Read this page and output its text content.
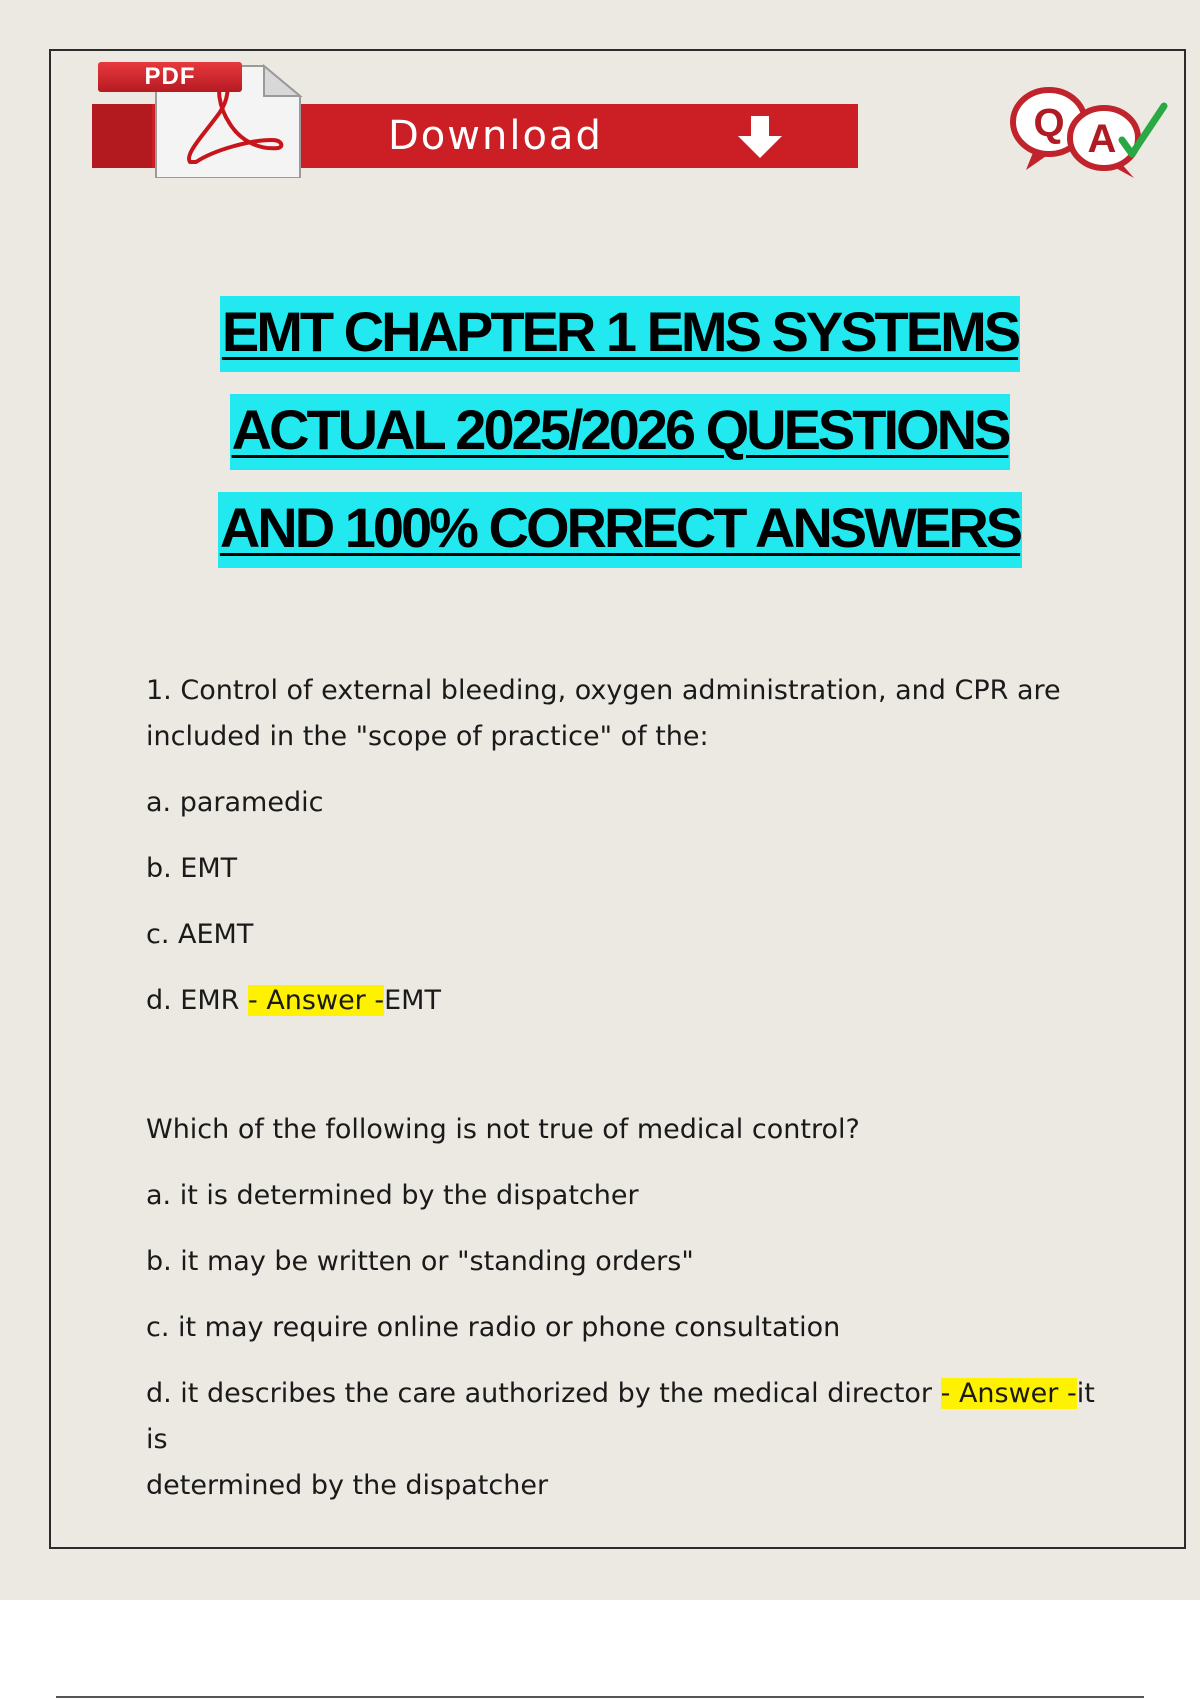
PDF
Download	Q A
EMT CHAPTER 1 EMS SYSTEMS
ACTUAL 2025/2026 QUESTIONS
AND 100% CORRECT ANSWERS

1. Control of external bleeding, oxygen administration, and CPR are

included in the "scope of practice" of the:

a. paramedic

b. EMT

c. AEMT

d. EMR - Answer -EMT

Which of the following is not true of medical control?

a. it is determined by the dispatcher

b. it may be written or "standing orders"

c. it may require online radio or phone consultation

d. it describes the care authorized by the medical director - Answer -it is

determined by the dispatcher
